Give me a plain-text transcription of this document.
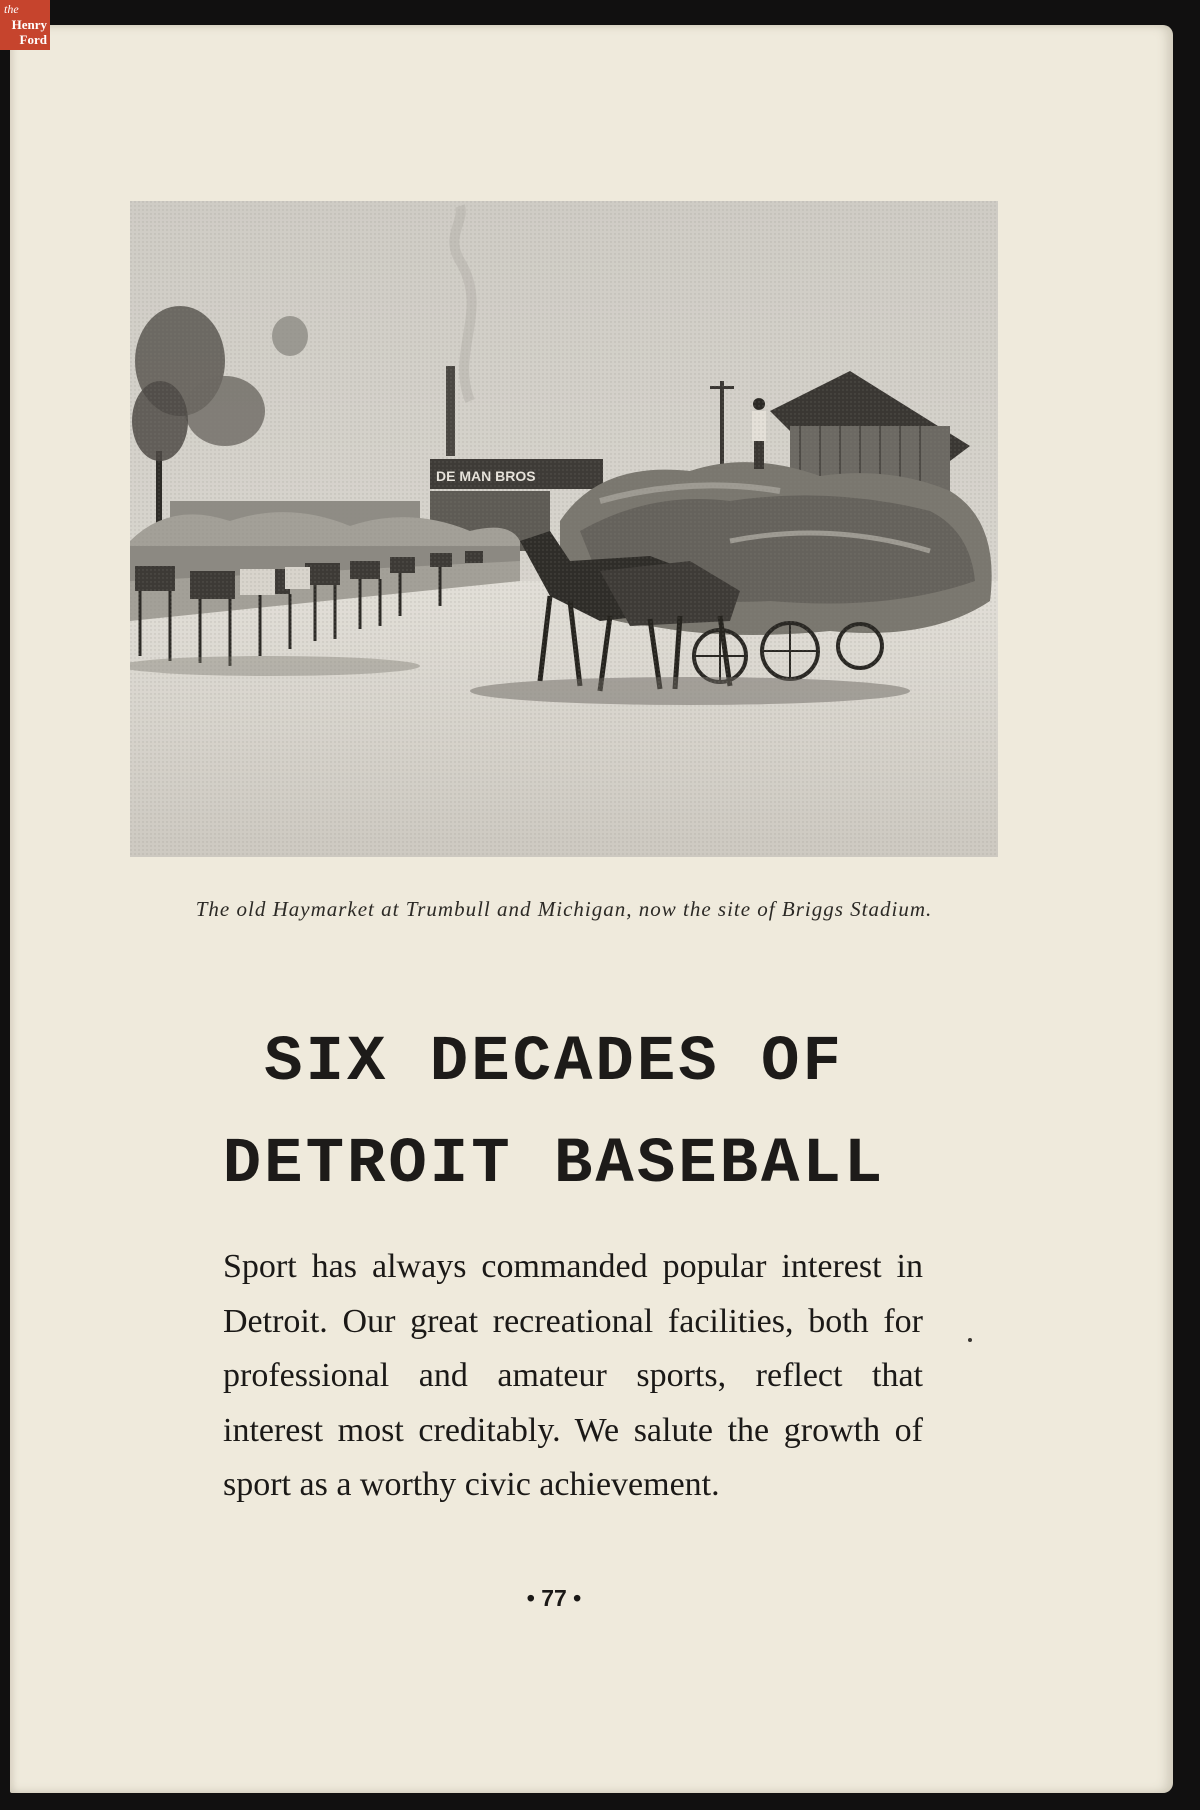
The old Haymarket at Trumbull and Michigan, now the site of Briggs Stadium.
SIX DECADES OF
DETROIT BASEBALL
Sport has always commanded popular interest in Detroit. Our great recreational facilities, both for professional and amateur sports, reflect that interest most creditably. We salute the growth of sport as a worthy civic achievement.
• 77 •
the
Henry
Ford
